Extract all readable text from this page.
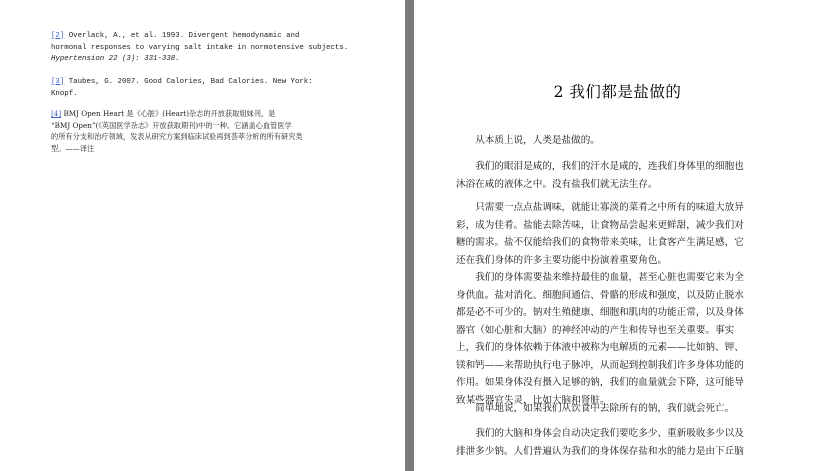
[2] Overlack, A., et al. 1993. Divergent hemodynamic and
hormonal responses to varying salt intake in normotensive subjects.
Hypertension 22 (3): 331-338.
[3] Taubes, G. 2007. Good Calories, Bad Calories. New York:
Knopf.
[4] BMJ Open Heart 是《心脏》(Heart)杂志的开放获取姐妹刊，是
“BMJ Open”(《英国医学杂志》开放获取期刊)中的一种。它涵盖心血管医学
的所有分支和治疗领域，发表从研究方案到临床试验再到荟萃分析的所有研究类
型。——译注
2 我们都是盐做的
从本质上说，人类是盐做的。
我们的眼泪是咸的，我们的汗水是咸的，连我们身体里的细胞也
沐浴在咸的液体之中。没有盐我们就无法生存。
只需要一点点盐调味，就能让寡淡的菜肴之中所有的味道大放异
彩，成为佳肴。盐能去除苦味，让食物品尝起来更鲜甜，减少我们对
糖的需求。盐不仅能给我们的食物带来美味，让食客产生满足感，它
还在我们身体的许多主要功能中扮演着重要角色。
我们的身体需要盐来维持最佳的血量，甚至心脏也需要它来为全
身供血。盐对消化、细胞间通信、骨骼的形成和强度，以及防止脱水
都是必不可少的。钠对生殖健康、细胞和肌肉的功能正常，以及身体
器官（如心脏和大脑）的神经冲动的产生和传导也至关重要。事实
上，我们的身体依赖于体液中被称为电解质的元素——比如钠、钾、
镁和钙——来帮助执行电子脉冲，从而起到控制我们许多身体功能的
作用。如果身体没有摄入足够的钠，我们的血量就会下降，这可能导
致某些器官失灵，比如大脑和肾脏。
简单地说，如果我们从饮食中去除所有的钠，我们就会死亡。
我们的大脑和身体会自动决定我们要吃多少、重新吸收多少以及
排泄多少钠。人们普遍认为我们的身体保存盐和水的能力是由下丘脑
